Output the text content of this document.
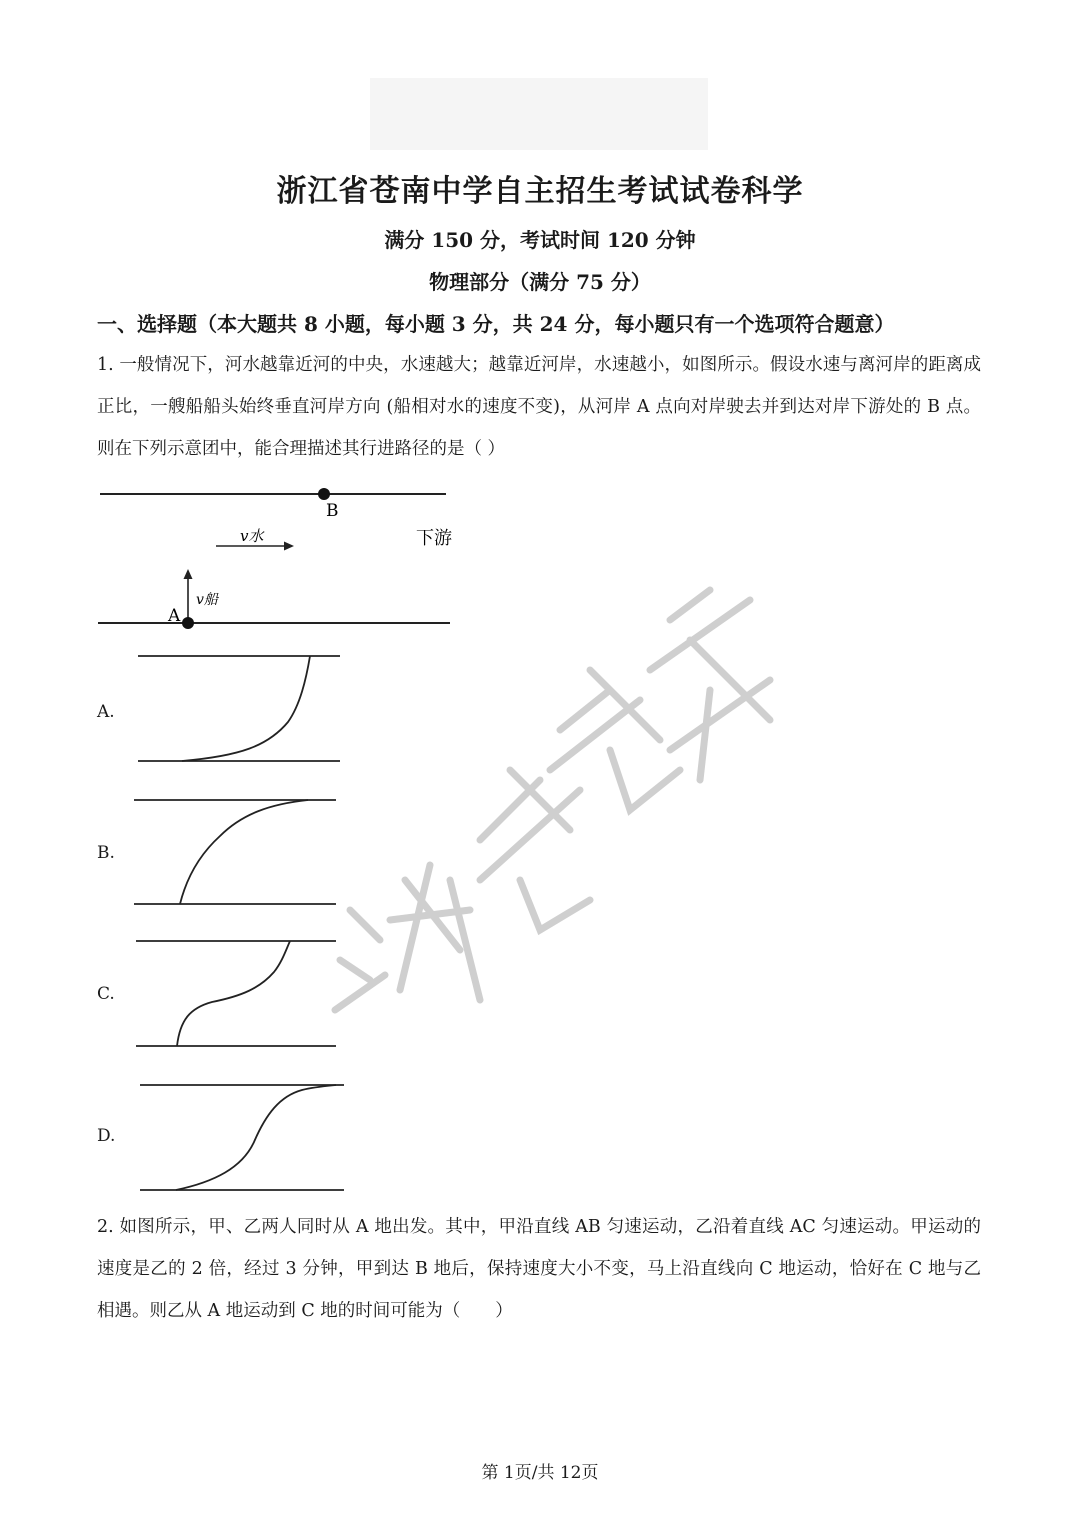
浙江省苍南中学自主招生考试试卷科学
满分 150 分，考试时间 120 分钟
物理部分（满分 75 分）
一、选择题（本大题共 8 小题，每小题 3 分，共 24 分，每小题只有一个选项符合题意）
1. 一般情况下，河水越靠近河的中央，水速越大；越靠近河岸，水速越小，如图所示。假设水速与离河岸的距离成正比，一艘船船头始终垂直河岸方向 (船相对水的速度不变)，从河岸 A 点向对岸驶去并到达对岸下游处的 B 点。则在下列示意团中，能合理描述其行进路径的是（ ）
B
v水	下游
v船
A
A.
B.
C.
D.
2. 如图所示，甲、乙两人同时从 A 地出发。其中，甲沿直线 AB 匀速运动，乙沿着直线 AC 匀速运动。甲运动的速度是乙的 2 倍，经过 3 分钟，甲到达 B 地后，保持速度大小不变，马上沿直线向 C 地运动，恰好在 C 地与乙相遇。则乙从 A 地运动到 C 地的时间可能为（　　）
第 1页/共 12页
